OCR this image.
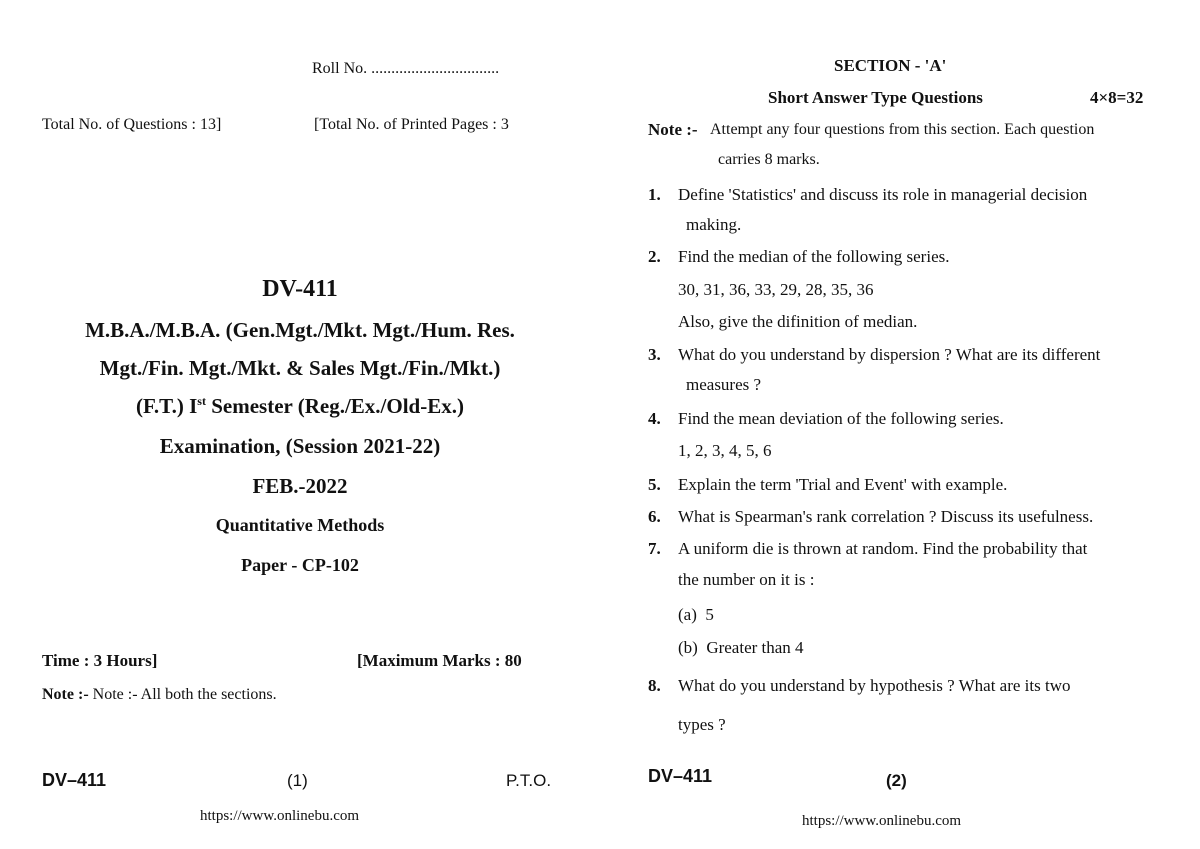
Roll No. ................................
Total No. of Questions : 13]	[Total No. of Printed Pages : 3
DV-411
M.B.A./M.B.A. (Gen.Mgt./Mkt. Mgt./Hum. Res.
Mgt./Fin. Mgt./Mkt. & Sales Mgt./Fin./Mkt.)
(F.T.) Ist Semester (Reg./Ex./Old-Ex.)
Examination, (Session 2021-22)
FEB.-2022
Quantitative Methods
Paper - CP-102
Time : 3 Hours]	[Maximum Marks : 80
Note :- Note :- All both the sections.
DV–411	(1)	P.T.O.
https://www.onlinebu.com
SECTION - 'A'
Short Answer Type Questions	4×8=32
Note :- Attempt any four questions from this section. Each question
carries 8 marks.
1. Define 'Statistics' and discuss its role in managerial decision
making.
2. Find the median of the following series.
30, 31, 36, 33, 29, 28, 35, 36
Also, give the difinition of median.
3. What do you understand by dispersion ? What are its different
measures ?
4. Find the mean deviation of the following series.
1, 2, 3, 4, 5, 6
5. Explain the term 'Trial and Event' with example.
6. What is Spearman's rank correlation ? Discuss its usefulness.
7. A uniform die is thrown at random. Find the probability that
the number on it is :
(a) 5
(b) Greater than 4
8. What do you understand by hypothesis ? What are its two
types ?
DV–411	(2)
https://www.onlinebu.com
